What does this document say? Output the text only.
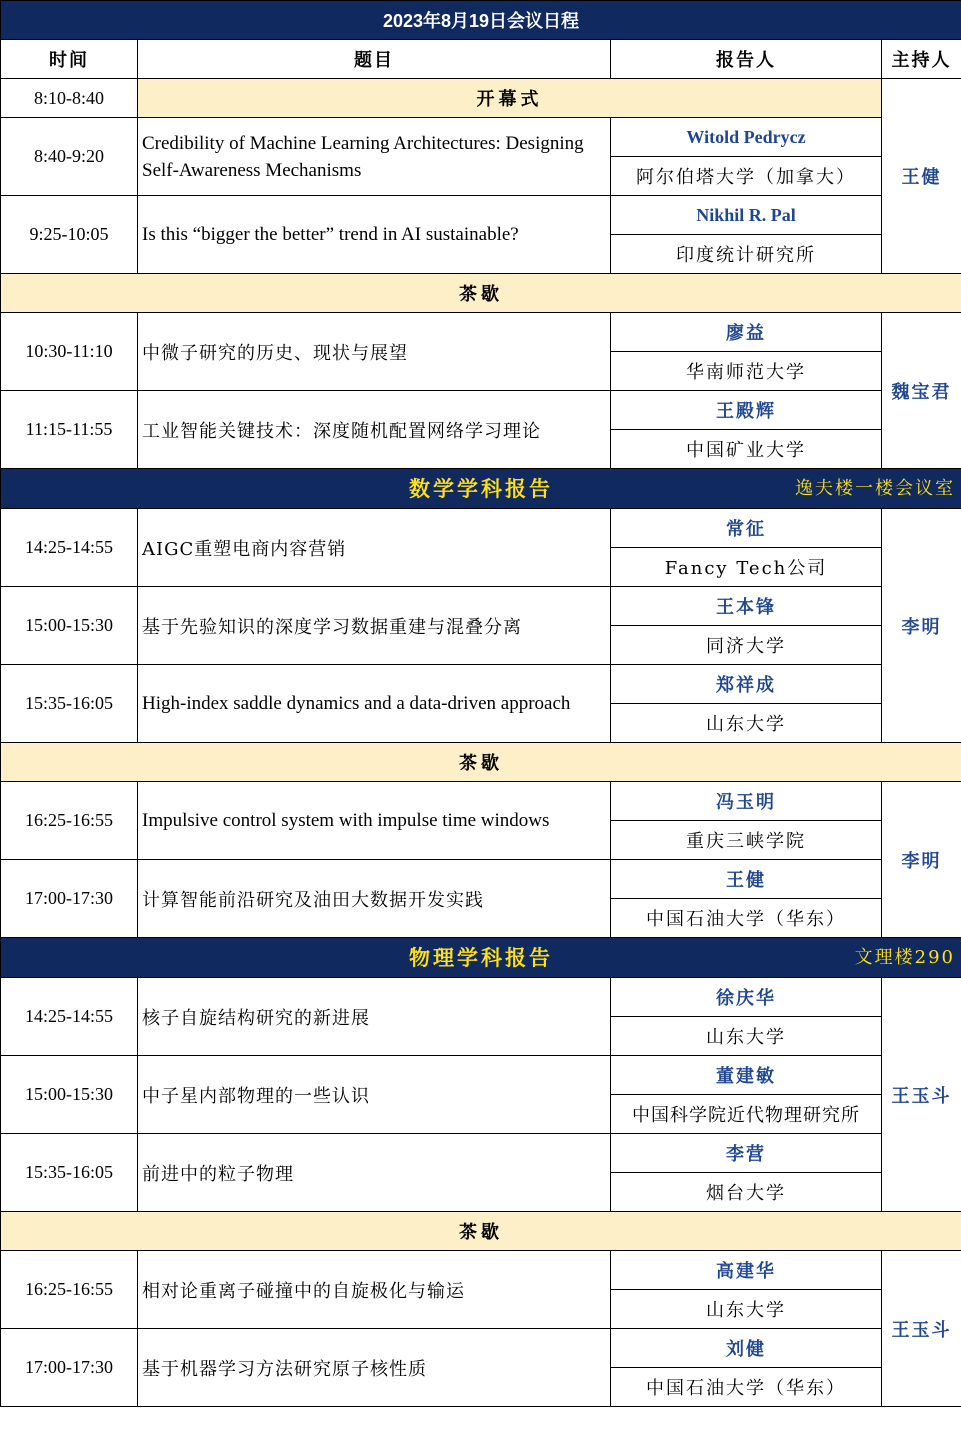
2023年8月19日会议日程			
时间	题目	报告人	主持人
8:10-8:40	开幕式		王健
8:40-9:20	Credibility of Machine Learning Architectures: Designing Self-Awareness Mechanisms	Witold Pedrycz	
		阿尔伯塔大学（加拿大）	
9:25-10:05	Is this “bigger the better” trend in AI sustainable?	Nikhil R. Pal	
		印度统计研究所	
茶歇			
10:30-11:10	中微子研究的历史、现状与展望	廖益	魏宝君
		华南师范大学	
11:15-11:55	工业智能关键技术：深度随机配置网络学习理论	王殿辉	
		中国矿业大学	

数学学科报告 逸夫楼一楼会议室			

14:25-14:55	AIGC重塑电商内容营销	常征	李明
		Fancy Tech公司	
15:00-15:30	基于先验知识的深度学习数据重建与混叠分离	王本锋	
		同济大学	
15:35-16:05	High-index saddle dynamics and a data-driven approach	郑祥成	
		山东大学	
茶歇			
16:25-16:55	Impulsive control system with impulse time windows	冯玉明	李明
		重庆三峡学院	
17:00-17:30	计算智能前沿研究及油田大数据开发实践	王健	
		中国石油大学（华东）	

物理学科报告 文理楼290			

14:25-14:55	核子自旋结构研究的新进展	徐庆华	王玉斗
		山东大学	
15:00-15:30	中子星内部物理的一些认识	董建敏	
		中国科学院近代物理研究所	
15:35-16:05	前进中的粒子物理	李营	
		烟台大学	
茶歇			
16:25-16:55	相对论重离子碰撞中的自旋极化与输运	高建华	王玉斗
		山东大学	
17:00-17:30	基于机器学习方法研究原子核性质	刘健	
		中国石油大学（华东）	
